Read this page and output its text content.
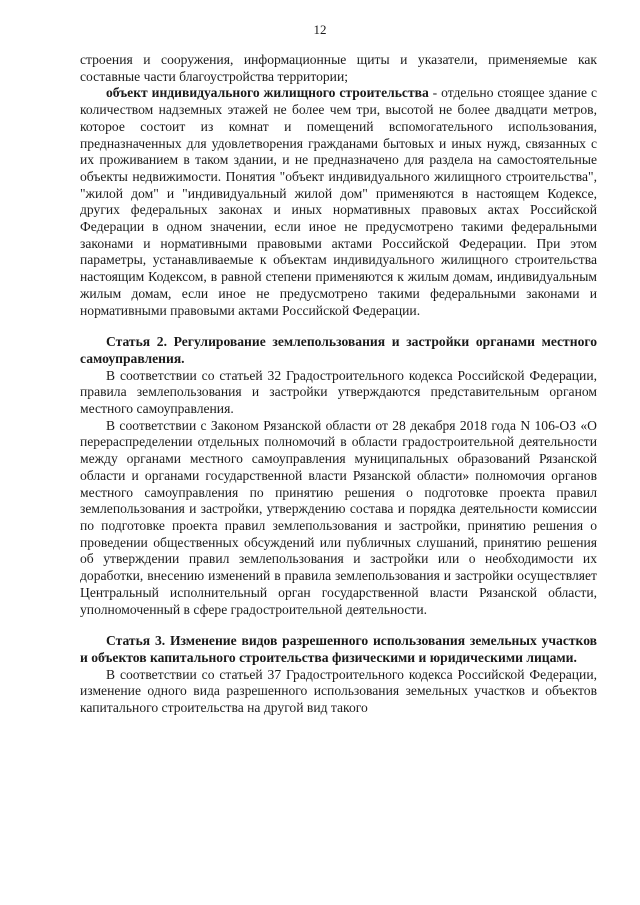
12

строения и сооружения, информационные щиты и указатели, применяемые как составные части благоустройства территории;

объект индивидуального жилищного строительства - отдельно стоящее здание с количеством надземных этажей не более чем три, высотой не более двадцати метров, которое состоит из комнат и помещений вспомогательного использования, предназначенных для удовлетворения гражданами бытовых и иных нужд, связанных с их проживанием в таком здании, и не предназначено для раздела на самостоятельные объекты недвижимости. Понятия "объект индивидуального жилищного строительства", "жилой дом" и "индивидуальный жилой дом" применяются в настоящем Кодексе, других федеральных законах и иных нормативных правовых актах Российской Федерации в одном значении, если иное не предусмотрено такими федеральными законами и нормативными правовыми актами Российской Федерации. При этом параметры, устанавливаемые к объектам индивидуального жилищного строительства настоящим Кодексом, в равной степени применяются к жилым домам, индивидуальным жилым домам, если иное не предусмотрено такими федеральными законами и нормативными правовыми актами Российской Федерации.

Статья 2. Регулирование землепользования и застройки органами местного самоуправления.

В соответствии со статьей 32 Градостроительного кодекса Российской Федерации, правила землепользования и застройки утверждаются представительным органом местного самоуправления.

В соответствии с Законом Рязанской области от 28 декабря 2018 года N 106-ОЗ «О перераспределении отдельных полномочий в области градостроительной деятельности между органами местного самоуправления муниципальных образований Рязанской области и органами государственной власти Рязанской области» полномочия органов местного самоуправления по принятию решения о подготовке проекта правил землепользования и застройки, утверждению состава и порядка деятельности комиссии по подготовке проекта правил землепользования и застройки, принятию решения о проведении общественных обсуждений или публичных слушаний, принятию решения об утверждении правил землепользования и застройки или о необходимости их доработки, внесению изменений в правила землепользования и застройки осуществляет Центральный исполнительный орган государственной власти Рязанской области, уполномоченный в сфере градостроительной деятельности.

Статья 3. Изменение видов разрешенного использования земельных участков и объектов капитального строительства физическими и юридическими лицами.

В соответствии со статьей 37 Градостроительного кодекса Российской Федерации, изменение одного вида разрешенного использования земельных участков и объектов капитального строительства на другой вид такого
